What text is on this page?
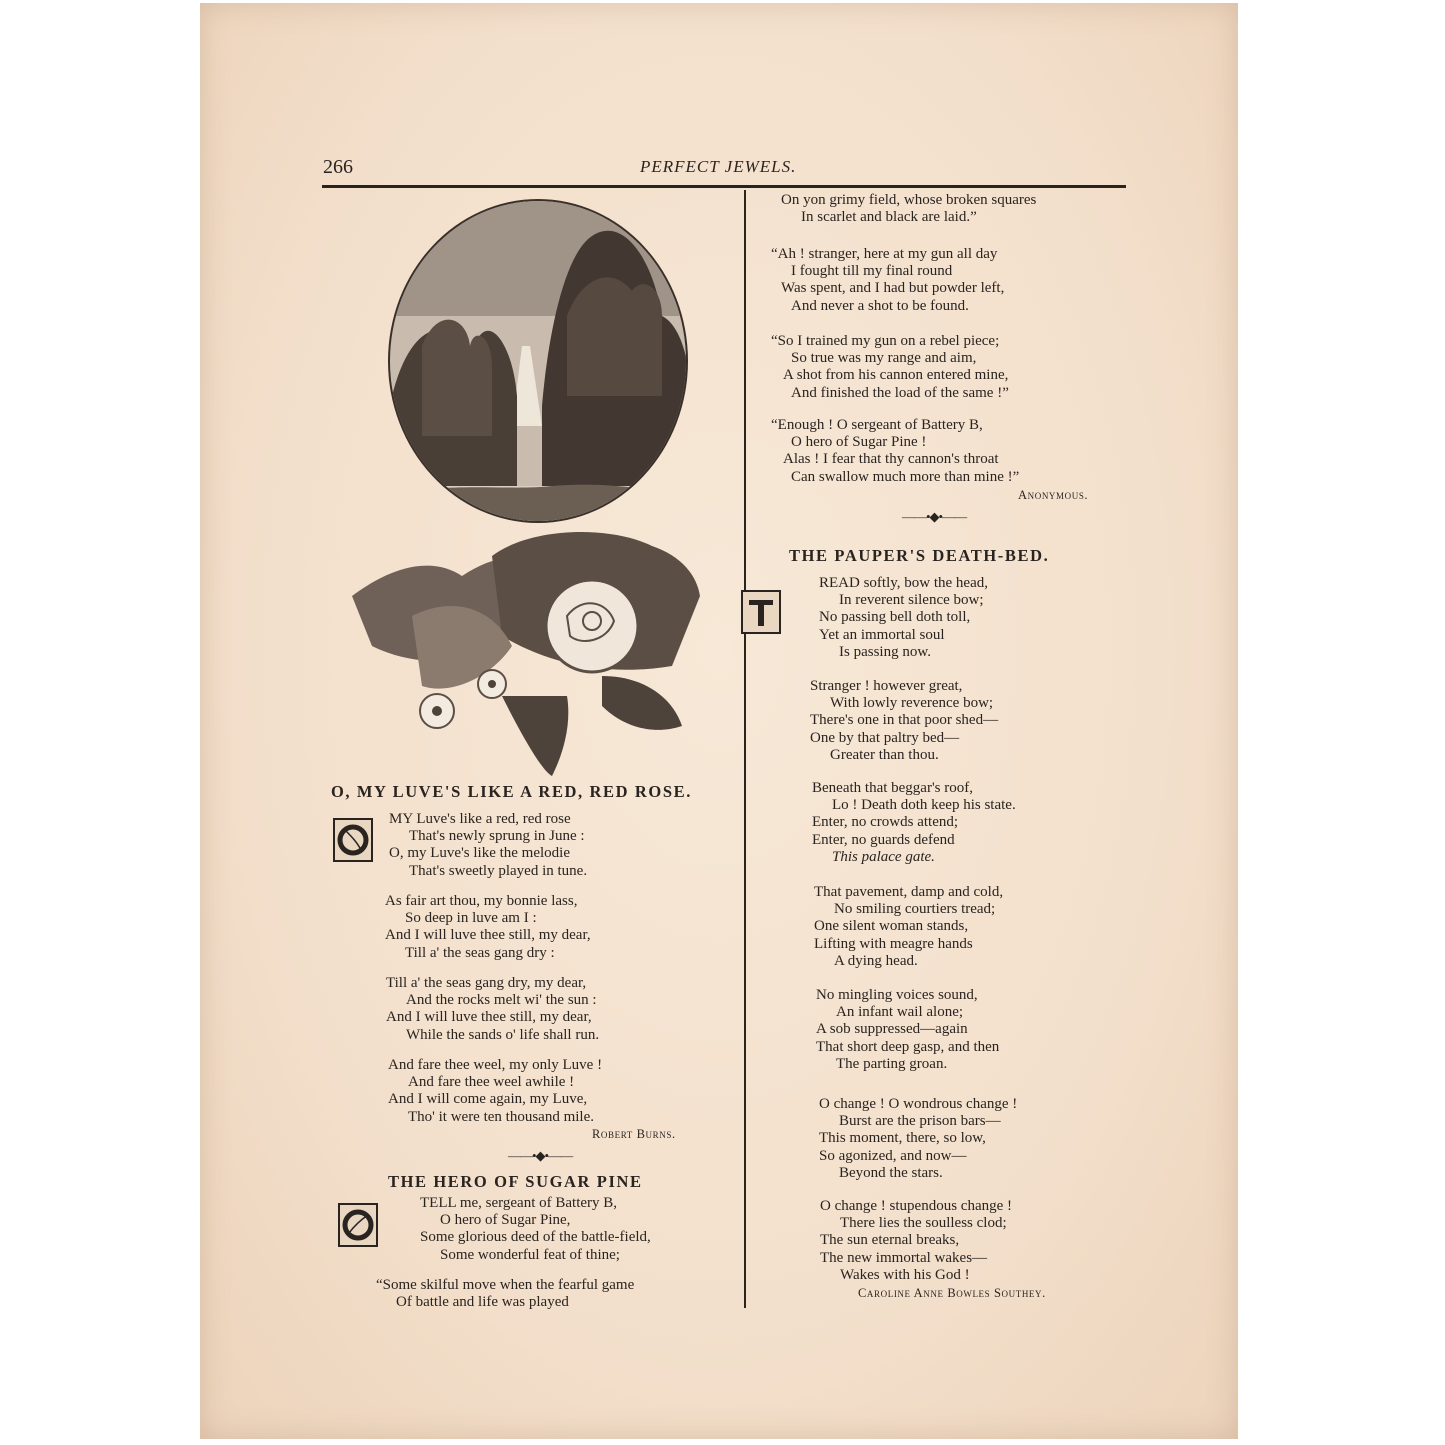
266	PERFECT JEWELS.
O, MY LUVE'S LIKE A RED, RED ROSE.
MY Luve's like a red, red rose
That's newly sprung in June :
O, my Luve's like the melodie
That's sweetly played in tune.
As fair art thou, my bonnie lass,
So deep in luve am I :
And I will luve thee still, my dear,
Till a' the seas gang dry :
Till a' the seas gang dry, my dear,
And the rocks melt wi' the sun :
And I will luve thee still, my dear,
While the sands o' life shall run.
And fare thee weel, my only Luve !
And fare thee weel awhile !
And I will come again, my Luve,
Tho' it were ten thousand mile.
Robert Burns.
——•◆•——
THE HERO OF SUGAR PINE
TELL me, sergeant of Battery B,
O hero of Sugar Pine,
Some glorious deed of the battle-field,
Some wonderful feat of thine;
“Some skilful move when the fearful game
Of battle and life was played
On yon grimy field, whose broken squares
In scarlet and black are laid.”
“Ah ! stranger, here at my gun all day
I fought till my final round
Was spent, and I had but powder left,
And never a shot to be found.
“So I trained my gun on a rebel piece;
So true was my range and aim,
A shot from his cannon entered mine,
And finished the load of the same !”
“Enough ! O sergeant of Battery B,
O hero of Sugar Pine !
Alas ! I fear that thy cannon's throat
Can swallow much more than mine !”
Anonymous.
——•◆•——
THE PAUPER'S DEATH-BED.
READ softly, bow the head,
In reverent silence bow;
No passing bell doth toll,
Yet an immortal soul
Is passing now.
Stranger ! however great,
With lowly reverence bow;
There's one in that poor shed—
One by that paltry bed—
Greater than thou.
Beneath that beggar's roof,
Lo ! Death doth keep his state.
Enter, no crowds attend;
Enter, no guards defend
This palace gate.
That pavement, damp and cold,
No smiling courtiers tread;
One silent woman stands,
Lifting with meagre hands
A dying head.
No mingling voices sound,
An infant wail alone;
A sob suppressed—again
That short deep gasp, and then
The parting groan.
O change ! O wondrous change !
Burst are the prison bars—
This moment, there, so low,
So agonized, and now—
Beyond the stars.
O change ! stupendous change !
There lies the soulless clod;
The sun eternal breaks,
The new immortal wakes—
Wakes with his God !
Caroline Anne Bowles Southey.
